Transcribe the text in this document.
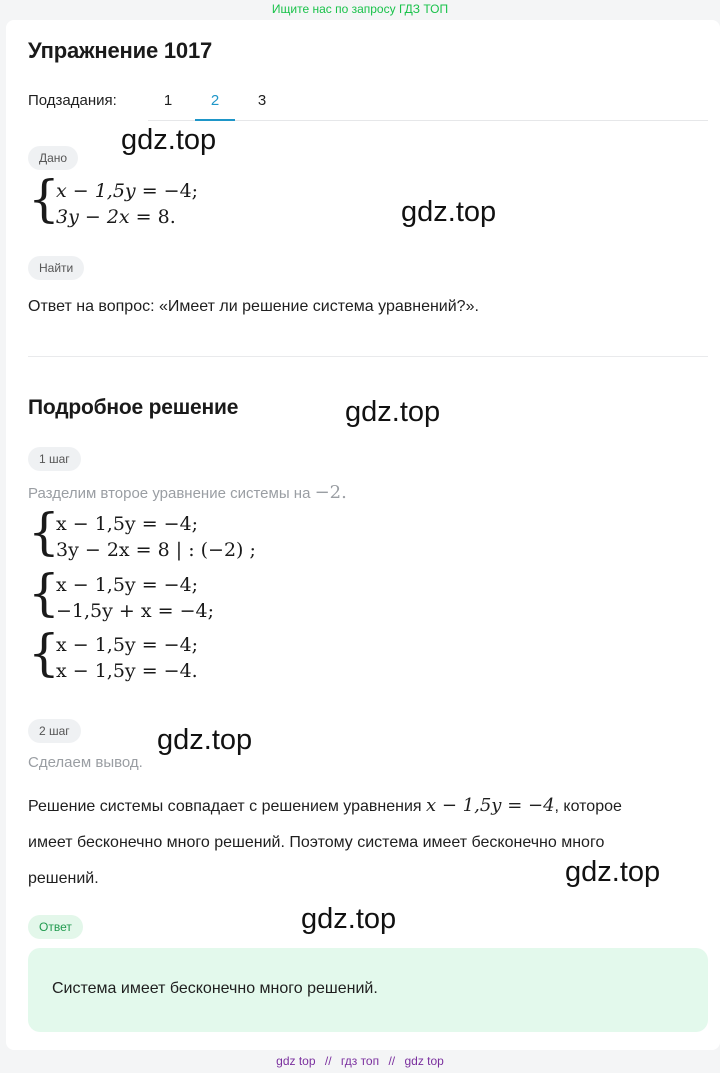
Ищите нас по запросу ГДЗ ТОП
Упражнение 1017
Подзадания:	1	2	3
Дано
{
x − 1,5y = −4;
3y − 2x = 8.
Найти
Ответ на вопрос: «Имеет ли решение система уравнений?».
Подробное решение
1 шаг
Разделим второе уравнение системы на −2.
{
x − 1,5y = −4;
3y − 2x = 8 | : (−2) ;
{
x − 1,5y = −4;
−1,5y + x = −4;
{
x − 1,5y = −4;
x − 1,5y = −4.
2 шаг
Сделаем вывод.
Решение системы совпадает с решением уравнения x − 1,5y = −4, которое
имеет бесконечно много решений. Поэтому система имеет бесконечно много
решений.
Ответ
Система имеет бесконечно много решений.
gdz.top
gdz.top
gdz.top
gdz.top
gdz.top
gdz.top
gdz top // гдз топ // gdz top
